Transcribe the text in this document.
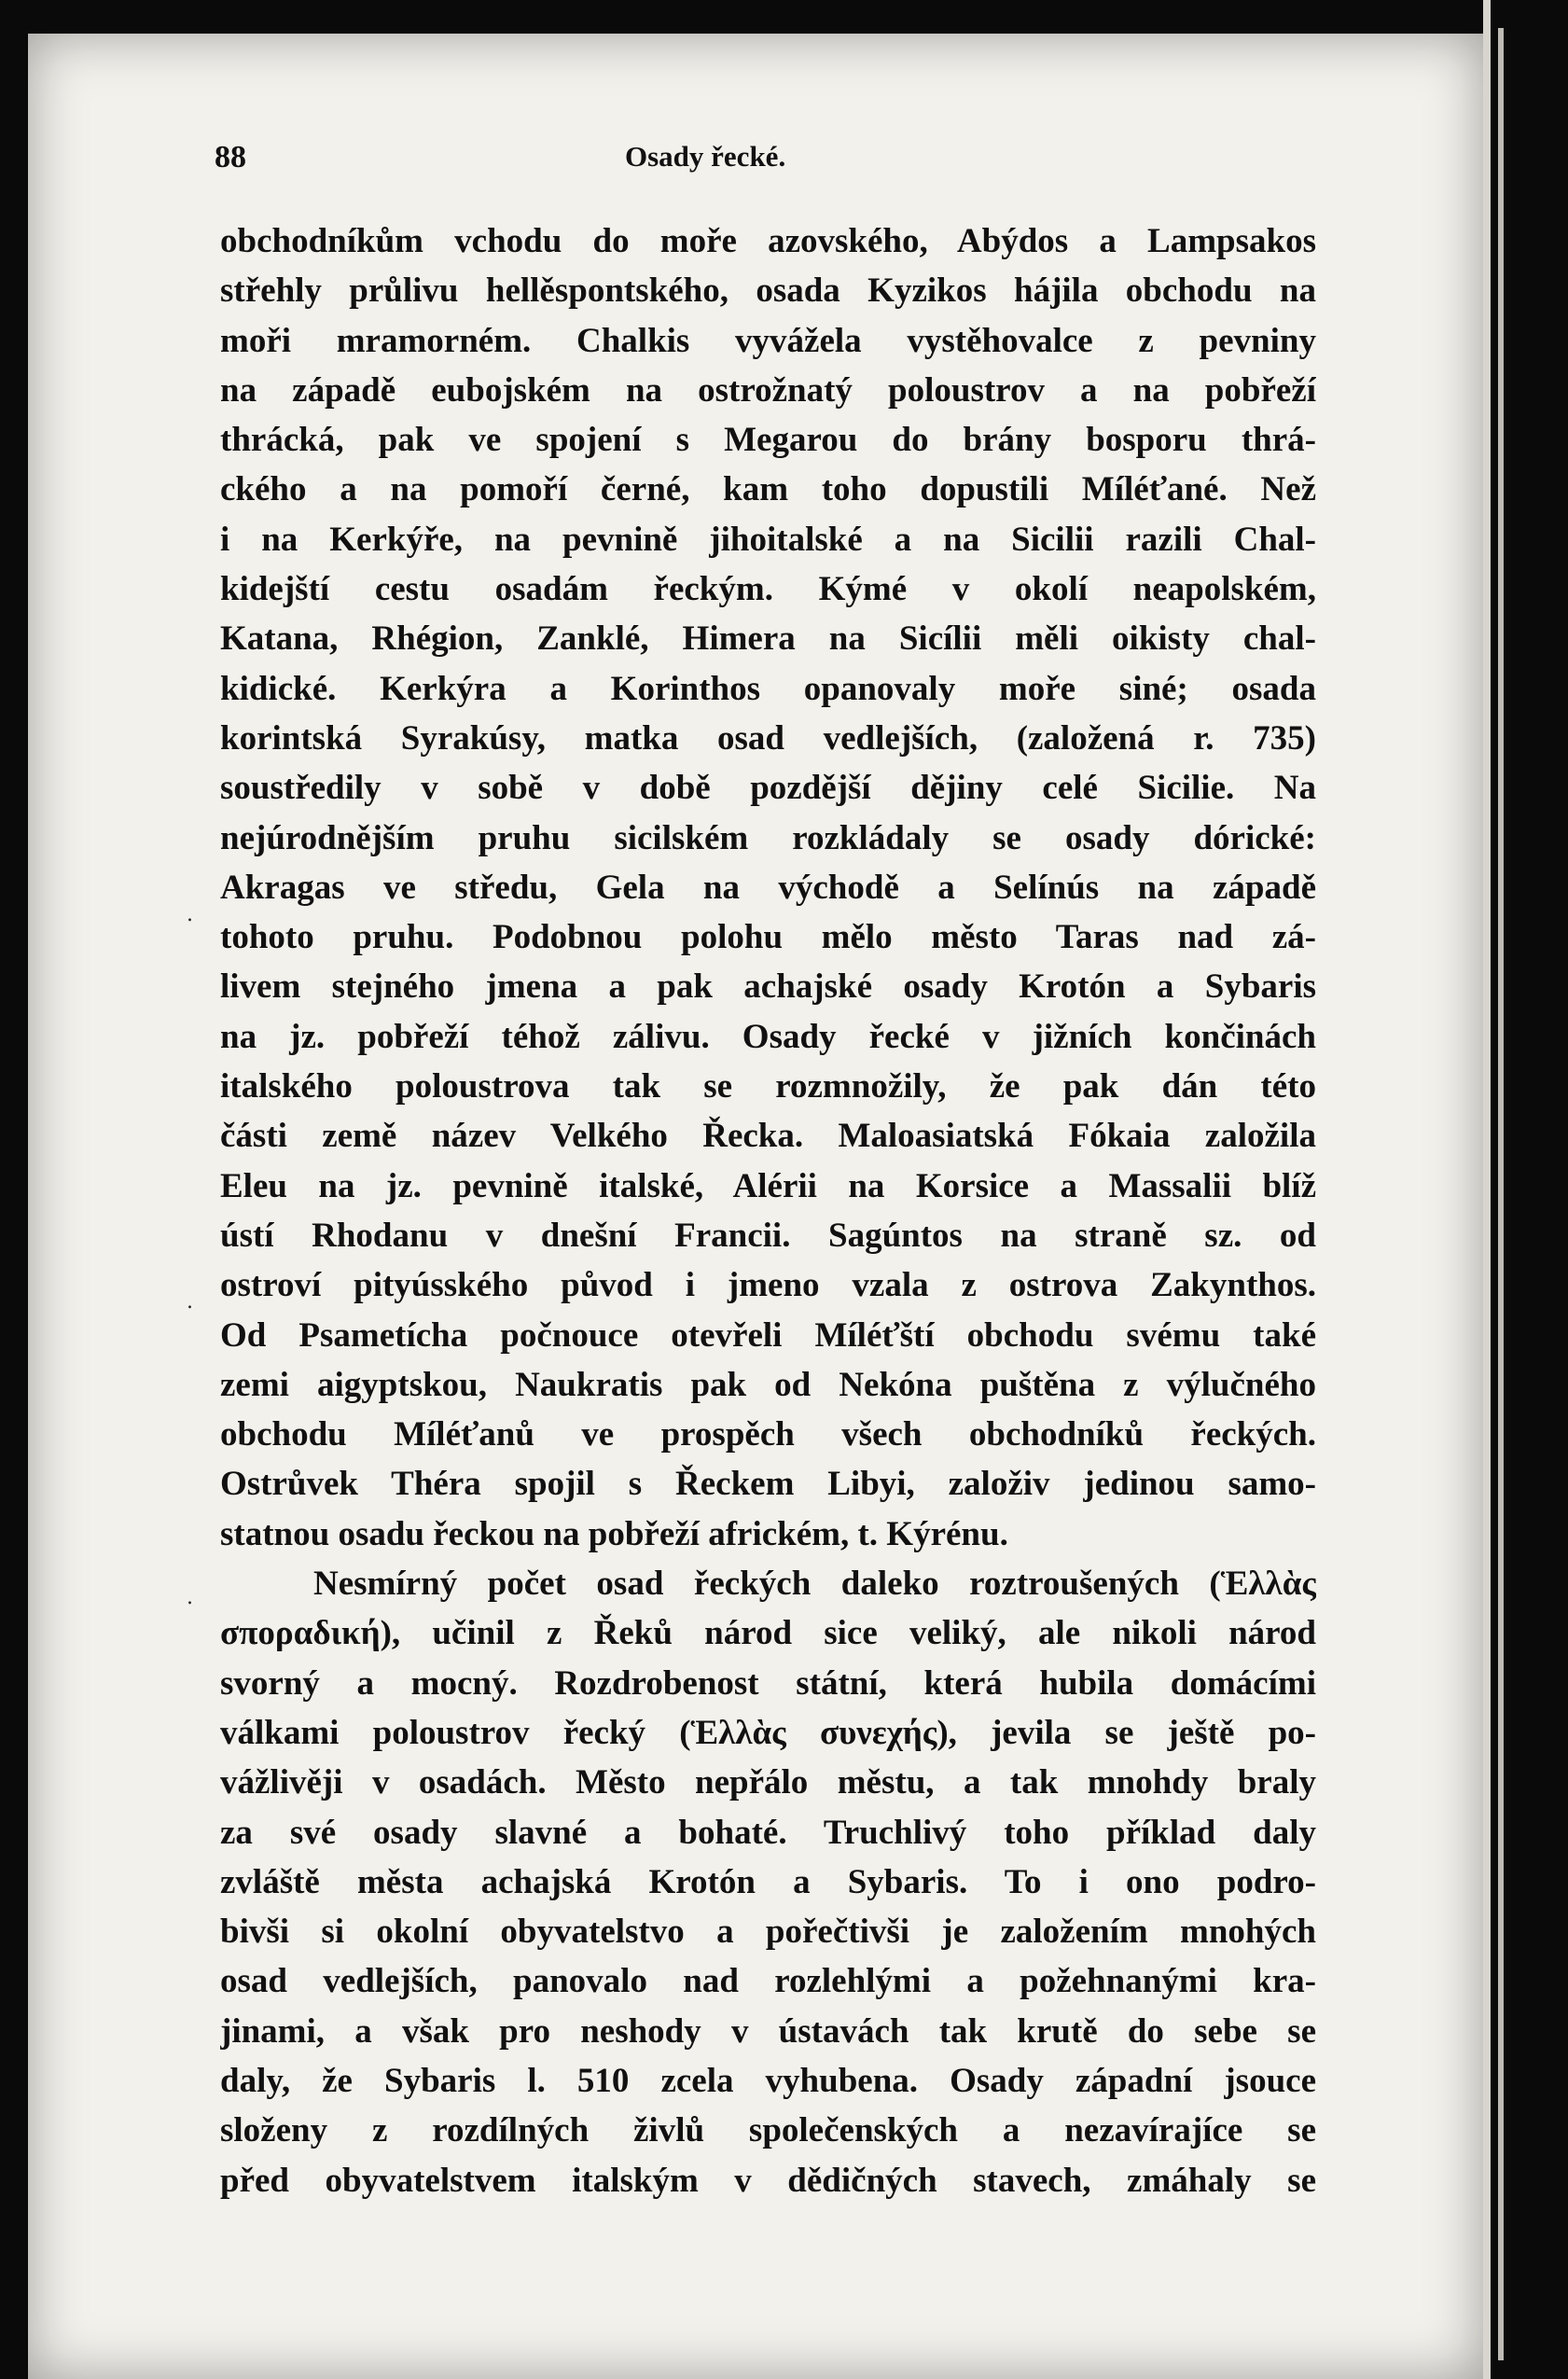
88	Osady řecké.
obchodníkům vchodu do moře azovského, Abýdos a Lampsakos
střehly průlivu hellěspontského, osada Kyzikos hájila obchodu na
moři mramorném. Chalkis vyvážela vystěhovalce z pevniny
na západě eubojském na ostrožnatý poloustrov a na pobřeží
thrácká, pak ve spojení s Megarou do brány bosporu thrá-
ckého a na pomoří černé, kam toho dopustili Míléťané. Než
i na Kerkýře, na pevnině jihoitalské a na Sicilii razili Chal-
kidejští cestu osadám řeckým. Kýmé v okolí neapolském,
Katana, Rhégion, Zanklé, Himera na Sicílii měli oikisty chal-
kidické. Kerkýra a Korinthos opanovaly moře siné; osada
korintská Syrakúsy, matka osad vedlejších, (založená r. 735)
soustředily v sobě v době pozdější dějiny celé Sicilie. Na
nejúrodnějším pruhu sicilském rozkládaly se osady dórické:
Akragas ve středu, Gela na východě a Selínús na západě
tohoto pruhu. Podobnou polohu mělo město Taras nad zá-
livem stejného jmena a pak achajské osady Krotón a Sybaris
na jz. pobřeží téhož zálivu. Osady řecké v jižních končinách
italského poloustrova tak se rozmnožily, že pak dán této
části země název Velkého Řecka. Maloasiatská Fókaia založila
Eleu na jz. pevnině italské, Alérii na Korsice a Massalii blíž
ústí Rhodanu v dnešní Francii. Sagúntos na straně sz. od
ostroví pityúsského původ i jmeno vzala z ostrova Zakynthos.
Od Psametícha počnouce otevřeli Míléťští obchodu svému také
zemi aigyptskou, Naukratis pak od Nekóna puštěna z výlučného
obchodu Míléťanů ve prospěch všech obchodníků řeckých.
Ostrůvek Théra spojil s Řeckem Libyi, založiv jedinou samo-
statnou osadu řeckou na pobřeží africkém, t. Kýrénu.
Nesmírný počet osad řeckých daleko roztroušených (Ἑλλὰς
σποραδική), učinil z Řeků národ sice veliký, ale nikoli národ
svorný a mocný. Rozdrobenost státní, která hubila domácími
válkami poloustrov řecký (Ἑλλὰς συνεχής), jevila se ještě po-
vážlivěji v osadách. Město nepřálo městu, a tak mnohdy braly
za své osady slavné a bohaté. Truchlivý toho příklad daly
zvláště města achajská Krotón a Sybaris. To i ono podro-
bivši si okolní obyvatelstvo a pořečtivši je založením mnohých
osad vedlejších, panovalo nad rozlehlými a požehnanými kra-
jinami, a však pro neshody v ústavách tak krutě do sebe se
daly, že Sybaris l. 510 zcela vyhubena. Osady západní jsouce
složeny z rozdílných živlů společenských a nezavírajíce se
před obyvatelstvem italským v dědičných stavech, zmáhaly se
.
.
.
